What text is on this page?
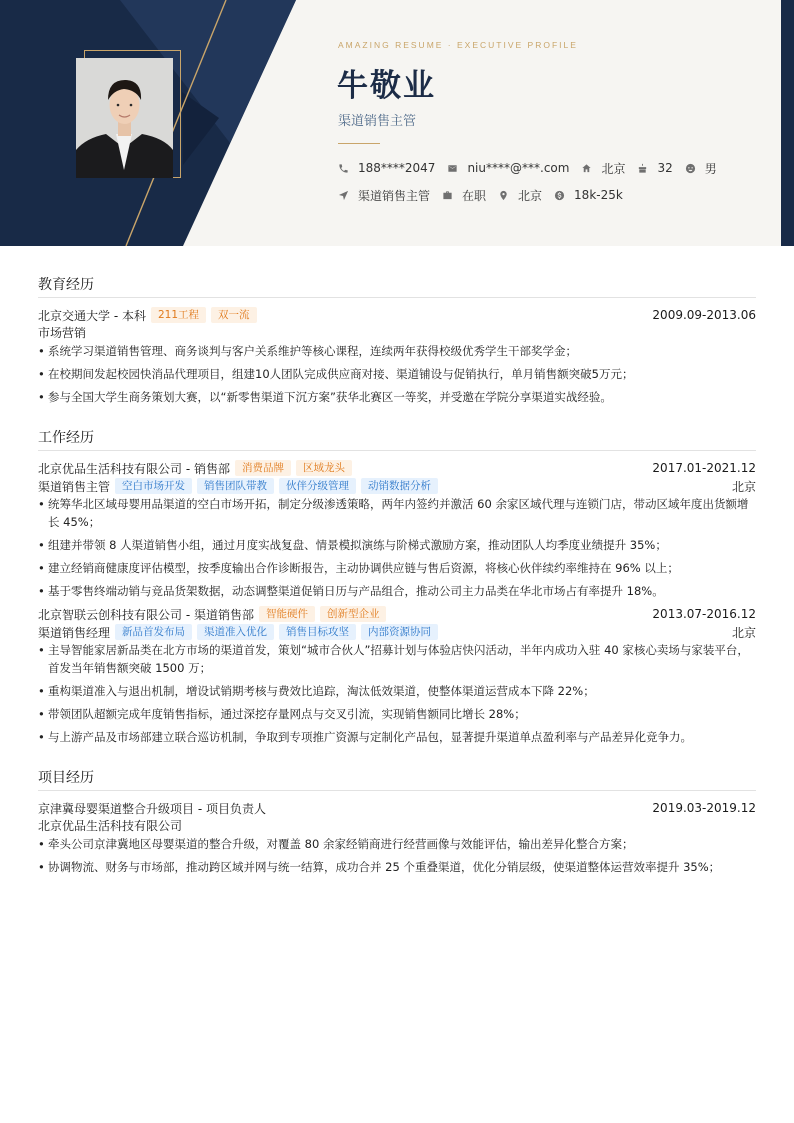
AMAZING RESUME · EXECUTIVE PROFILE
牛敬业
渠道销售主管
188****2047	niu****@***.com	北京	32	男
渠道销售主管	在职	北京	18k-25k
教育经历
北京交通大学 - 本科	211工程	双一流	2009.09-2013.06
市场营销
• 系统学习渠道销售管理、商务谈判与客户关系维护等核心课程，连续两年获得校级优秀学生干部奖学金；
• 在校期间发起校园快消品代理项目，组建10人团队完成供应商对接、渠道铺设与促销执行，单月销售额突破5万元；
• 参与全国大学生商务策划大赛，以“新零售渠道下沉方案”获华北赛区一等奖，并受邀在学院分享渠道实战经验。
工作经历
北京优品生活科技有限公司 - 销售部	消费品牌	区域龙头	2017.01-2021.12
渠道销售主管	空白市场开发	销售团队带教	伙伴分级管理	动销数据分析	北京
• 统筹华北区域母婴用品渠道的空白市场开拓，制定分级渗透策略，两年内签约并激活 60 余家区域代理与连锁门店，带动区域年度出货额增长 45%；
• 组建并带领 8 人渠道销售小组，通过月度实战复盘、情景模拟演练与阶梯式激励方案，推动团队人均季度业绩提升 35%；
• 建立经销商健康度评估模型，按季度输出合作诊断报告，主动协调供应链与售后资源，将核心伙伴续约率维持在 96% 以上；
• 基于零售终端动销与竞品货架数据，动态调整渠道促销日历与产品组合，推动公司主力品类在华北市场占有率提升 18%。
北京智联云创科技有限公司 - 渠道销售部	智能硬件	创新型企业	2013.07-2016.12
渠道销售经理	新品首发布局	渠道准入优化	销售目标攻坚	内部资源协同	北京
• 主导智能家居新品类在北方市场的渠道首发，策划“城市合伙人”招募计划与体验店快闪活动，半年内成功入驻 40 家核心卖场与家装平台，首发当年销售额突破 1500 万；
• 重构渠道准入与退出机制，增设试销期考核与费效比追踪，淘汰低效渠道，使整体渠道运营成本下降 22%；
• 带领团队超额完成年度销售指标，通过深挖存量网点与交叉引流，实现销售额同比增长 28%；
• 与上游产品及市场部建立联合巡访机制，争取到专项推广资源与定制化产品包，显著提升渠道单点盈利率与产品差异化竞争力。
项目经历
京津冀母婴渠道整合升级项目 - 项目负责人	2019.03-2019.12
北京优品生活科技有限公司
• 牵头公司京津冀地区母婴渠道的整合升级，对覆盖 80 余家经销商进行经营画像与效能评估，输出差异化整合方案；
• 协调物流、财务与市场部，推动跨区域并网与统一结算，成功合并 25 个重叠渠道，优化分销层级，使渠道整体运营效率提升 35%；
